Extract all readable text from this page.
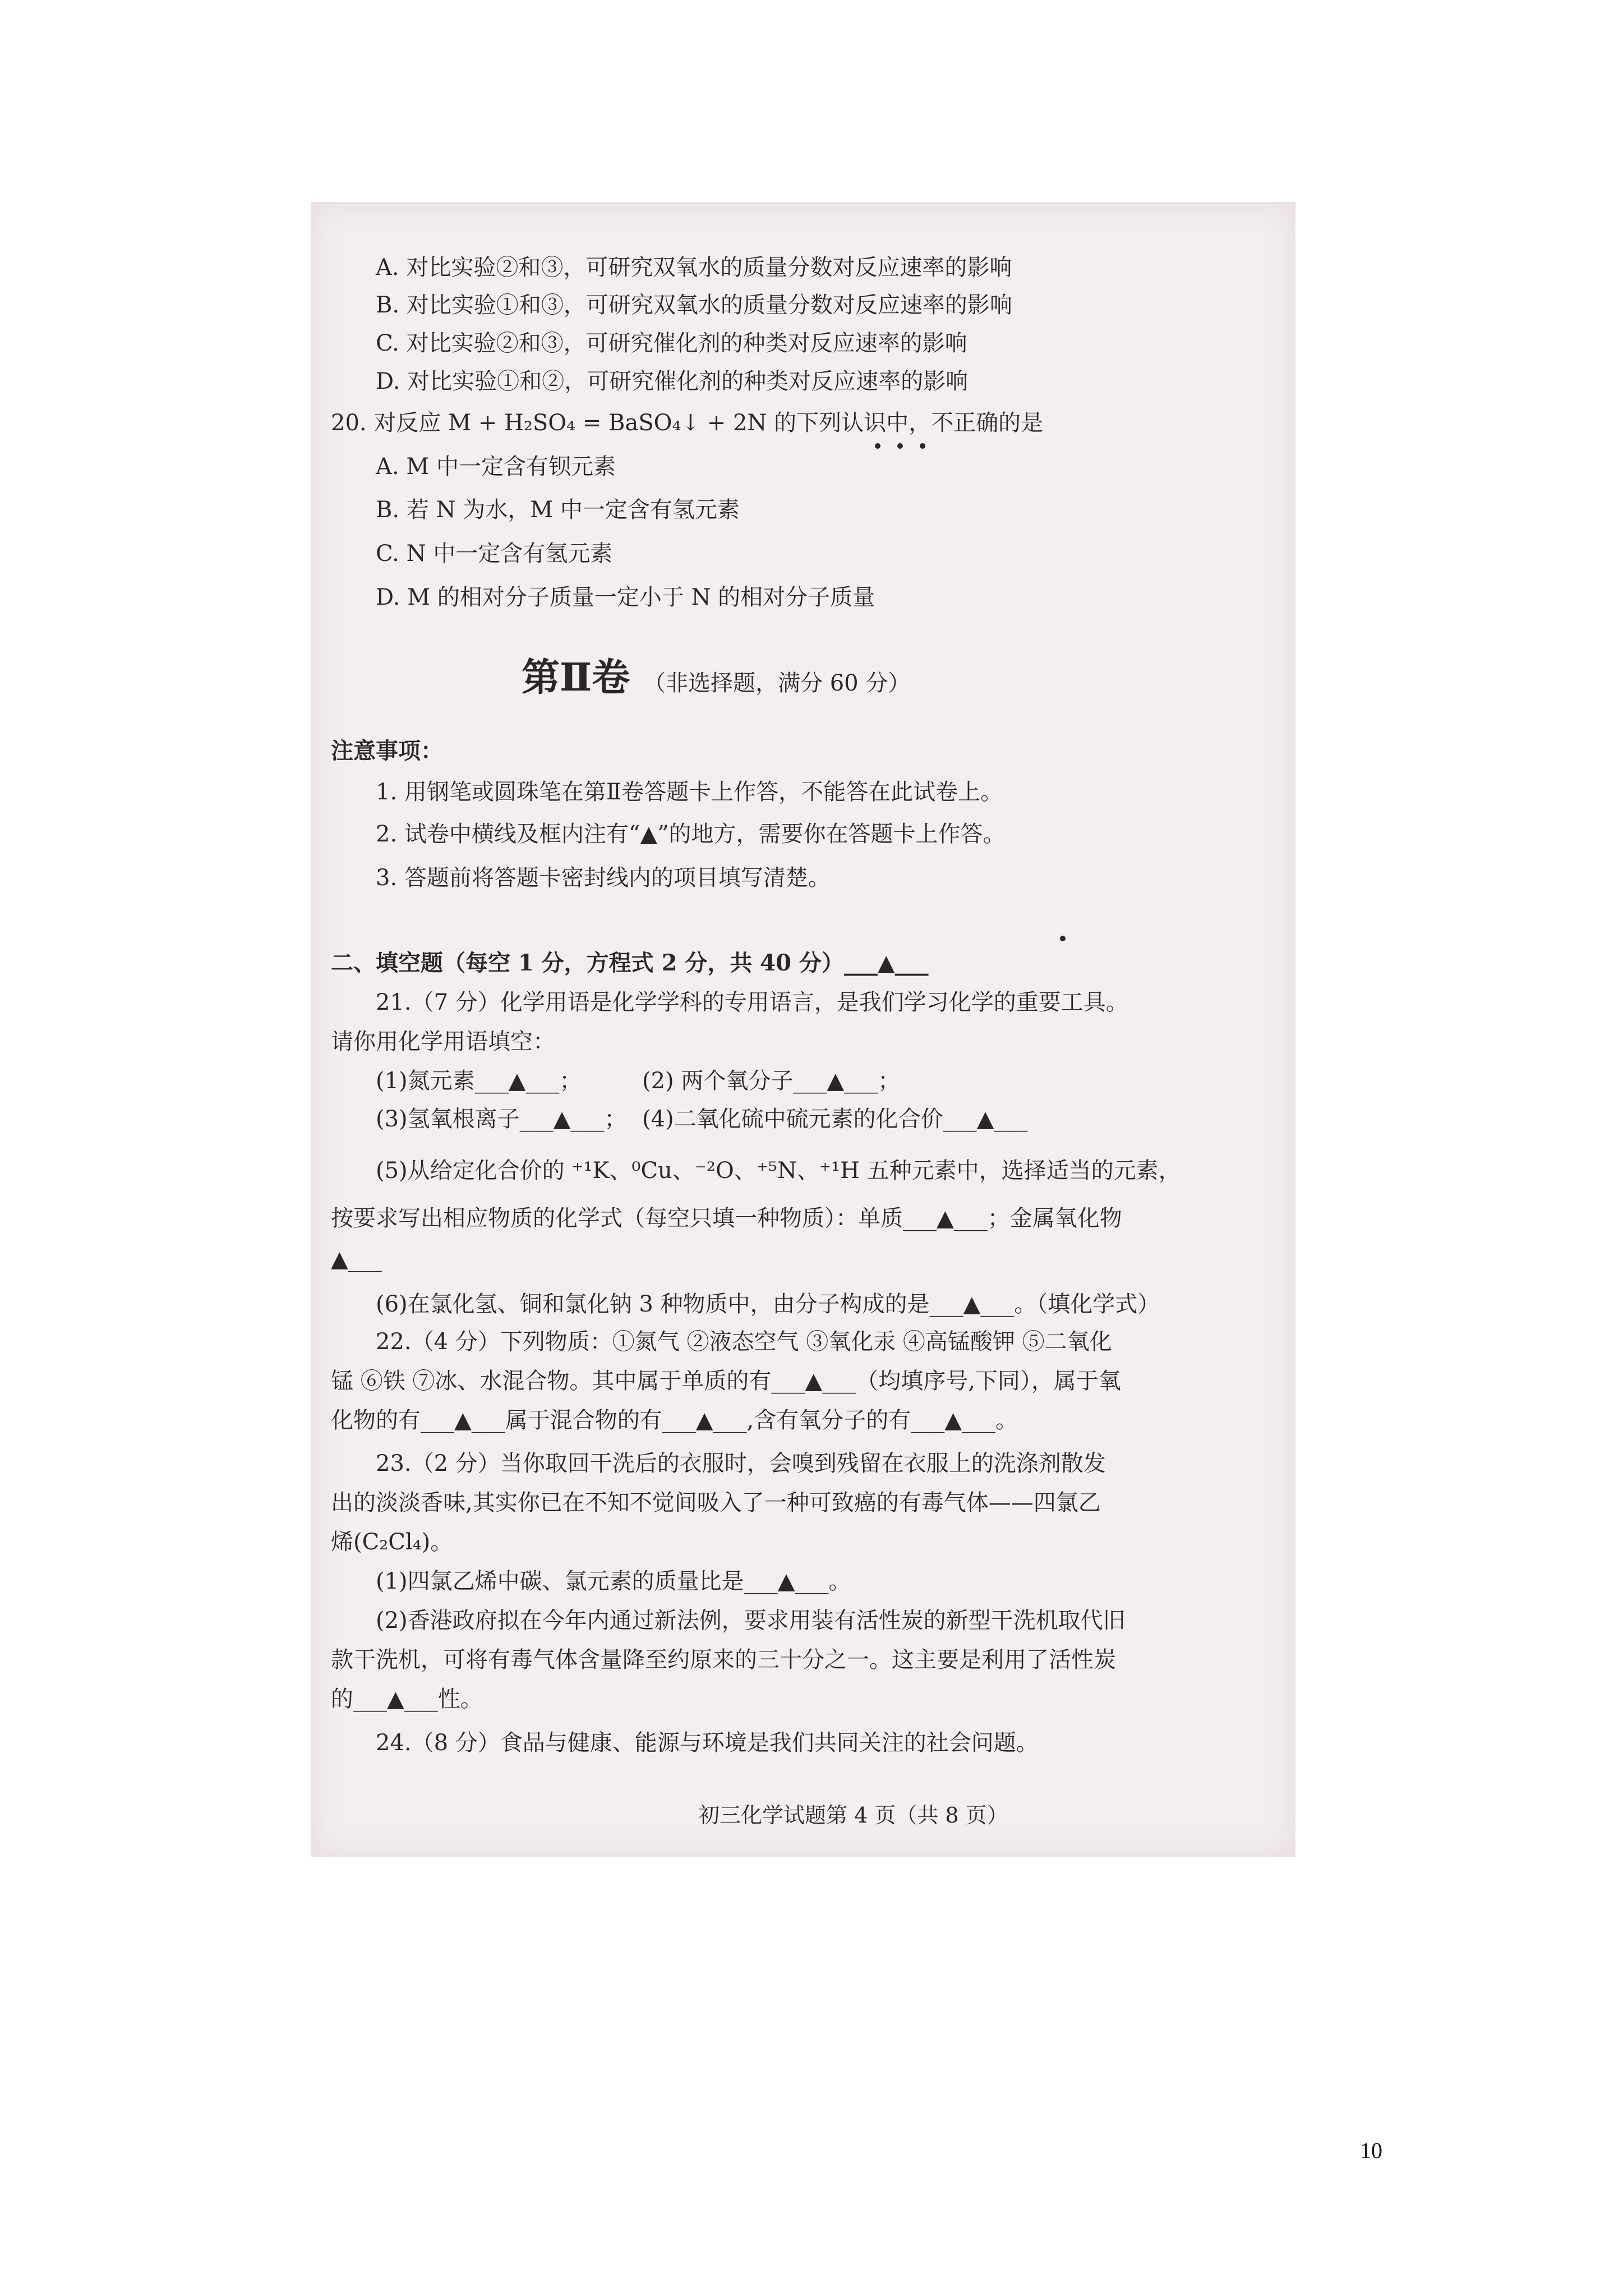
A. 对比实验②和③，可研究双氧水的质量分数对反应速率的影响
B. 对比实验①和③，可研究双氧水的质量分数对反应速率的影响
C. 对比实验②和③，可研究催化剂的种类对反应速率的影响
D. 对比实验①和②，可研究催化剂的种类对反应速率的影响
20. 对反应 M + H₂SO₄ = BaSO₄↓ + 2N 的下列认识中，不正确的是
A. M 中一定含有钡元素
B. 若 N 为水，M 中一定含有氢元素
C. N 中一定含有氢元素
D. M 的相对分子质量一定小于 N 的相对分子质量
第Ⅱ卷 （非选择题，满分 60 分）
注意事项：
1. 用钢笔或圆珠笔在第Ⅱ卷答题卡上作答，不能答在此试卷上。
2. 试卷中横线及框内注有“▲”的地方，需要你在答题卡上作答。
3. 答题前将答题卡密封线内的项目填写清楚。
二、填空题（每空 1 分，方程式 2 分，共 40 分）___▲___
21.（7 分）化学用语是化学学科的专用语言，是我们学习化学的重要工具。
请你用化学用语填空：
(1)氮元素___▲___；	(2) 两个氧分子___▲___；
(3)氢氧根离子___▲___； (4)二氧化硫中硫元素的化合价___▲___
(5)从给定化合价的 ⁺¹K、⁰Cu、⁻²O、⁺⁵N、⁺¹H 五种元素中，选择适当的元素，
按要求写出相应物质的化学式（每空只填一种物质）：单质___▲___；金属氧化物
▲___
(6)在氯化氢、铜和氯化钠 3 种物质中，由分子构成的是___▲___。（填化学式）
22.（4 分）下列物质：①氮气 ②液态空气 ③氧化汞 ④高锰酸钾 ⑤二氧化
锰 ⑥铁 ⑦冰、水混合物。其中属于单质的有___▲___（均填序号,下同），属于氧
化物的有___▲___属于混合物的有___▲___,含有氧分子的有___▲___。
23.（2 分）当你取回干洗后的衣服时，会嗅到残留在衣服上的洗涤剂散发
出的淡淡香味,其实你已在不知不觉间吸入了一种可致癌的有毒气体——四氯乙
烯(C₂Cl₄)。
(1)四氯乙烯中碳、氯元素的质量比是___▲___。
(2)香港政府拟在今年内通过新法例，要求用装有活性炭的新型干洗机取代旧
款干洗机，可将有毒气体含量降至约原来的三十分之一。这主要是利用了活性炭
的___▲___性。
24.（8 分）食品与健康、能源与环境是我们共同关注的社会问题。
初三化学试题第 4 页（共 8 页）
10
